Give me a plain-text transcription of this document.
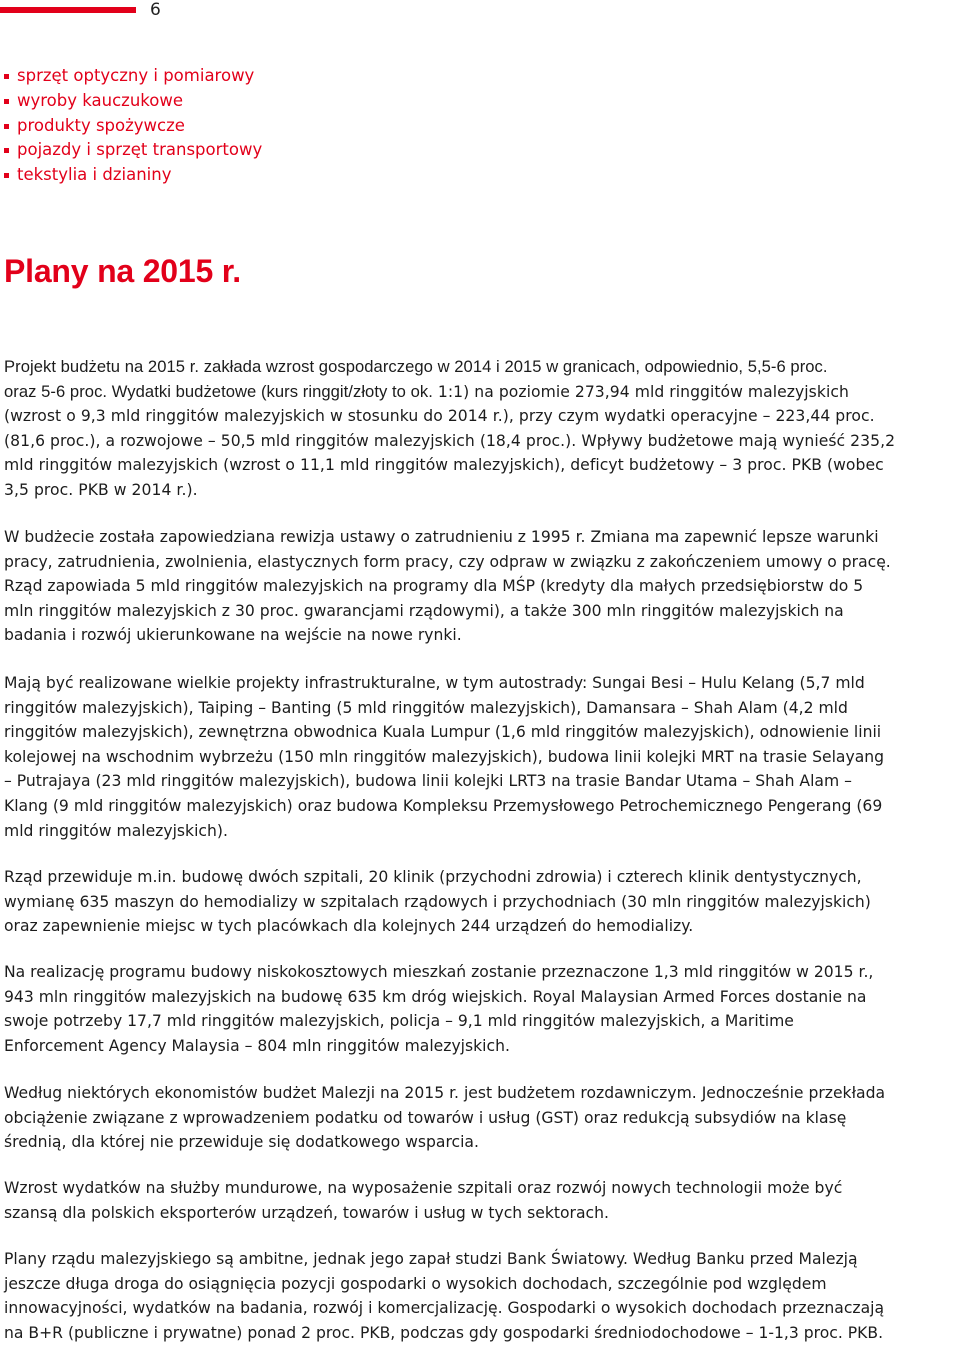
6
sprzęt optyczny i pomiarowy
wyroby kauczukowe
produkty spożywcze
pojazdy i sprzęt transportowy
tekstylia i dzianiny
Plany na 2015 r.
Projekt budżetu na 2015 r. zakłada wzrost gospodarczego w 2014 i 2015 w granicach, odpowiednio, 5,5-6 proc.
oraz 5-6 proc. Wydatki budżetowe (kurs ringgit/złoty to ok. 1:1) na poziomie 273,94 mld ringgitów malezyjskich
(wzrost o 9,3 mld ringgitów malezyjskich w stosunku do 2014 r.), przy czym wydatki operacyjne – 223,44 proc.
(81,6 proc.), a rozwojowe – 50,5 mld ringgitów malezyjskich (18,4 proc.). Wpływy budżetowe mają wynieść 235,2
mld ringgitów malezyjskich (wzrost o 11,1 mld ringgitów malezyjskich), deficyt budżetowy – 3 proc. PKB (wobec
3,5 proc. PKB w 2014 r.).
W budżecie została zapowiedziana rewizja ustawy o zatrudnieniu z 1995 r. Zmiana ma zapewnić lepsze warunki
pracy, zatrudnienia, zwolnienia, elastycznych form pracy, czy odpraw w związku z zakończeniem umowy o pracę.
Rząd zapowiada 5 mld ringgitów malezyjskich na programy dla MŚP (kredyty dla małych przedsiębiorstw do 5
mln ringgitów malezyjskich z 30 proc. gwarancjami rządowymi), a także 300 mln ringgitów malezyjskich na
badania i rozwój ukierunkowane na wejście na nowe rynki.
Mają być realizowane wielkie projekty infrastrukturalne, w tym autostrady: Sungai Besi – Hulu Kelang (5,7 mld
ringgitów malezyjskich), Taiping – Banting (5 mld ringgitów malezyjskich), Damansara – Shah Alam (4,2 mld
ringgitów malezyjskich), zewnętrzna obwodnica Kuala Lumpur (1,6 mld ringgitów malezyjskich), odnowienie linii
kolejowej na wschodnim wybrzeżu (150 mln ringgitów malezyjskich), budowa linii kolejki MRT na trasie Selayang
– Putrajaya (23 mld ringgitów malezyjskich), budowa linii kolejki LRT3 na trasie Bandar Utama – Shah Alam –
Klang (9 mld ringgitów malezyjskich) oraz budowa Kompleksu Przemysłowego Petrochemicznego Pengerang (69
mld ringgitów malezyjskich).
Rząd przewiduje m.in. budowę dwóch szpitali, 20 klinik (przychodni zdrowia) i czterech klinik dentystycznych,
wymianę 635 maszyn do hemodializy w szpitalach rządowych i przychodniach (30 mln ringgitów malezyjskich)
oraz zapewnienie miejsc w tych placówkach dla kolejnych 244 urządzeń do hemodializy.
Na realizację programu budowy niskokosztowych mieszkań zostanie przeznaczone 1,3 mld ringgitów w 2015 r.,
943 mln ringgitów malezyjskich na budowę 635 km dróg wiejskich. Royal Malaysian Armed Forces dostanie na
swoje potrzeby 17,7 mld ringgitów malezyjskich, policja – 9,1 mld ringgitów malezyjskich, a Maritime
Enforcement Agency Malaysia – 804 mln ringgitów malezyjskich.
Według niektórych ekonomistów budżet Malezji na 2015 r. jest budżetem rozdawniczym. Jednocześnie przekłada
obciążenie związane z wprowadzeniem podatku od towarów i usług (GST) oraz redukcją subsydiów na klasę
średnią, dla której nie przewiduje się dodatkowego wsparcia.
Wzrost wydatków na służby mundurowe, na wyposażenie szpitali oraz rozwój nowych technologii może być
szansą dla polskich eksporterów urządzeń, towarów i usług w tych sektorach.
Plany rządu malezyjskiego są ambitne, jednak jego zapał studzi Bank Światowy. Według Banku przed Malezją
jeszcze długa droga do osiągnięcia pozycji gospodarki o wysokich dochodach, szczególnie pod względem
innowacyjności, wydatków na badania, rozwój i komercjalizację. Gospodarki o wysokich dochodach przeznaczają
na B+R (publiczne i prywatne) ponad 2 proc. PKB, podczas gdy gospodarki średniodochodowe – 1-1,3 proc. PKB.
